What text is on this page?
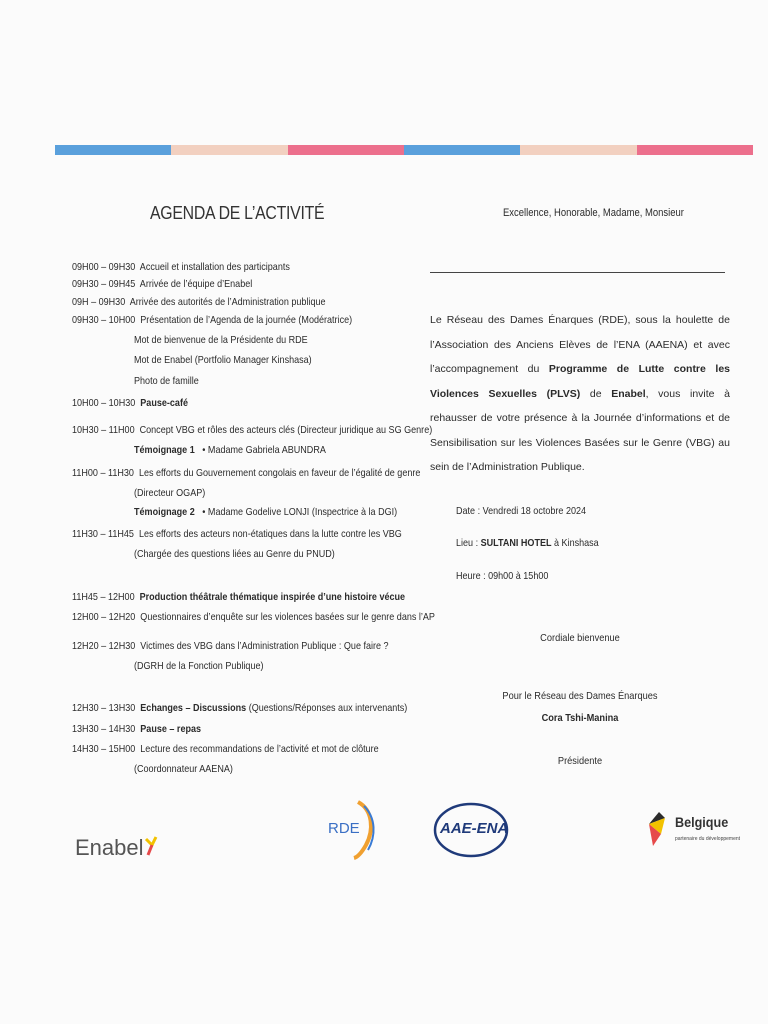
AGENDA DE L’ACTIVITÉ
09H00 – 09H30 Accueil et installation des participants
09H30 – 09H45 Arrivée de l’équipe d’Enabel
09H – 09H30 Arrivée des autorités de l’Administration publique
09H30 – 10H00 Présentation de l’Agenda de la journée (Modératrice)
Mot de bienvenue de la Présidente du RDE
Mot de Enabel (Portfolio Manager Kinshasa)
Photo de famille
10H00 – 10H30 Pause-café
10H30 – 11H00 Concept VBG et rôles des acteurs clés (Directeur juridique au SG Genre)
Témoignage 1 • Madame Gabriela ABUNDRA
11H00 – 11H30 Les efforts du Gouvernement congolais en faveur de l’égalité de genre
(Directeur OGAP)
Témoignage 2 • Madame Godelive LONJI (Inspectrice à la DGI)
11H30 – 11H45 Les efforts des acteurs non-étatiques dans la lutte contre les VBG
(Chargée des questions liées au Genre du PNUD)
11H45 – 12H00 Production théâtrale thématique inspirée d’une histoire vécue
12H00 – 12H20 Questionnaires d’enquête sur les violences basées sur le genre dans l’AP
12H20 – 12H30 Victimes des VBG dans l’Administration Publique : Que faire ?
(DGRH de la Fonction Publique)
12H30 – 13H30 Echanges – Discussions (Questions/Réponses aux intervenants)
13H30 – 14H30 Pause – repas
14H30 – 15H00 Lecture des recommandations de l’activité et mot de clôture
(Coordonnateur AAENA)
Excellence, Honorable, Madame, Monsieur
Le Réseau des Dames Énarques (RDE), sous la houlette de l’Association des Anciens Elèves de l’ENA (AAENA) et avec l’accompagnement du Programme de Lutte contre les Violences Sexuelles (PLVS) de Enabel, vous invite à rehausser de votre présence à la Journée d’informations et de Sensibilisation sur les Violences Basées sur le Genre (VBG) au sein de l’Administration Publique.
Date : Vendredi 18 octobre 2024
Lieu : SULTANI HOTEL à Kinshasa
Heure : 09h00 à 15h00
Cordiale bienvenue
Pour le Réseau des Dames Énarques
Cora Tshi-Manina
Présidente
Enabel
RDE	AAE-ENA	Belgique
partenaire du développement
